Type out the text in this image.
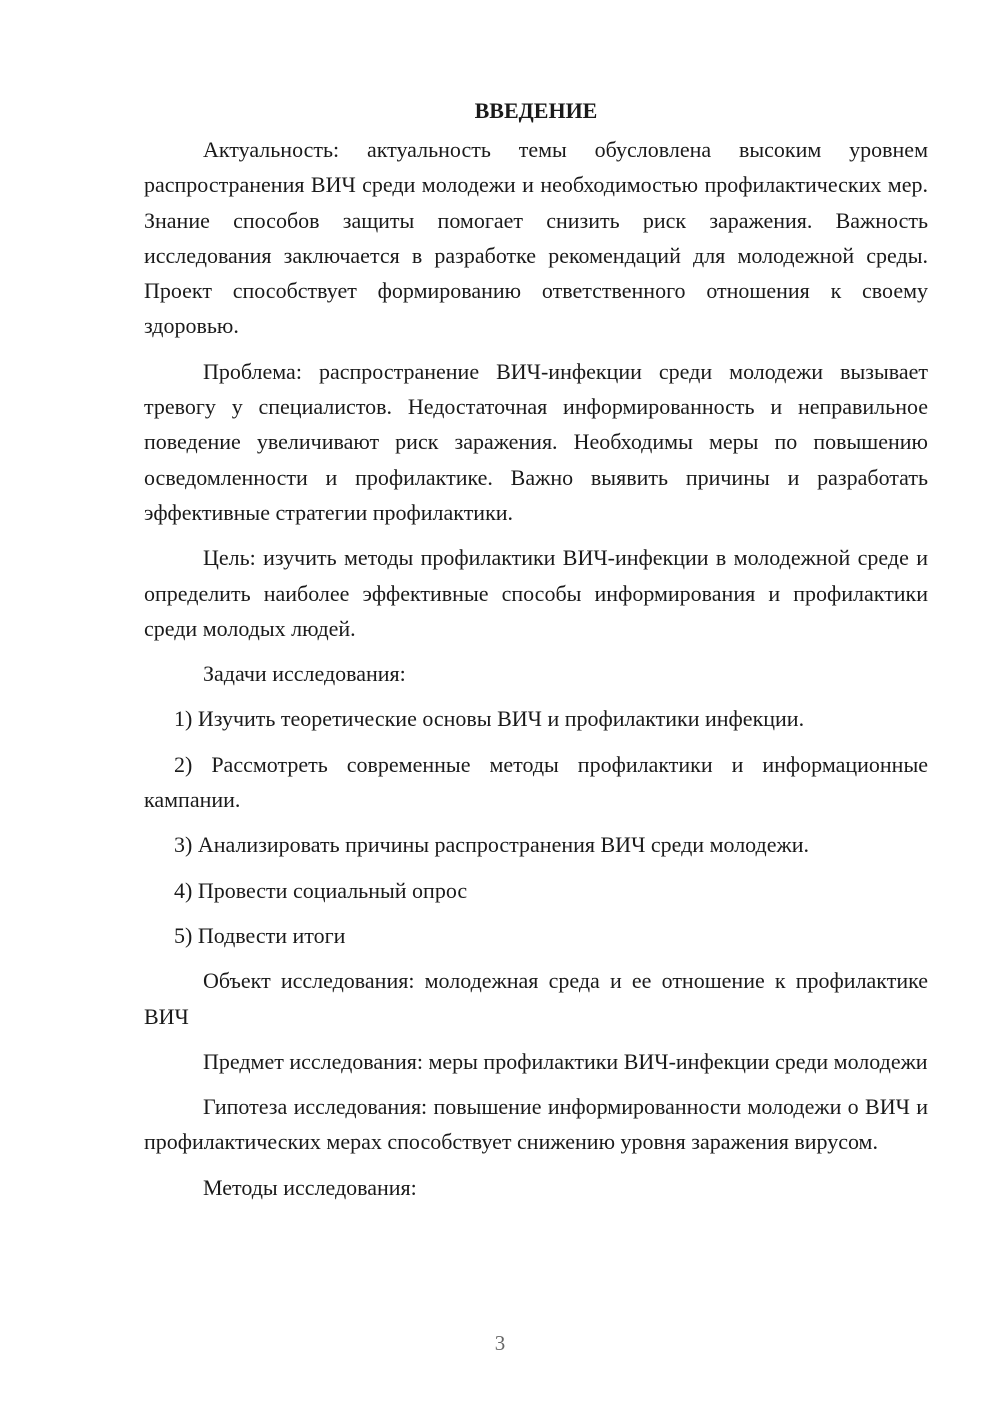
ВВЕДЕНИЕ

Актуальность: актуальность темы обусловлена высоким уровнем распространения ВИЧ среди молодежи и необходимостью профилактических мер. Знание способов защиты помогает снизить риск заражения. Важность исследования заключается в разработке рекомендаций для молодежной среды. Проект способствует формированию ответственного отношения к своему здоровью.

Проблема: распространение ВИЧ-инфекции среди молодежи вызывает тревогу у специалистов. Недостаточная информированность и неправильное поведение увеличивают риск заражения. Необходимы меры по повышению осведомленности и профилактике. Важно выявить причины и разработать эффективные стратегии профилактики.

Цель: изучить методы профилактики ВИЧ-инфекции в молодежной среде и определить наиболее эффективные способы информирования и профилактики среди молодых людей.

Задачи исследования:

1) Изучить теоретические основы ВИЧ и профилактики инфекции.

2) Рассмотреть современные методы профилактики и информационные кампании.

3) Анализировать причины распространения ВИЧ среди молодежи.

4) Провести социальный опрос

5) Подвести итоги

Объект исследования: молодежная среда и ее отношение к профилактике ВИЧ

Предмет исследования: меры профилактики ВИЧ-инфекции среди молодежи

Гипотеза исследования: повышение информированности молодежи о ВИЧ и профилактических мерах способствует снижению уровня заражения вирусом.

Методы исследования:

3
